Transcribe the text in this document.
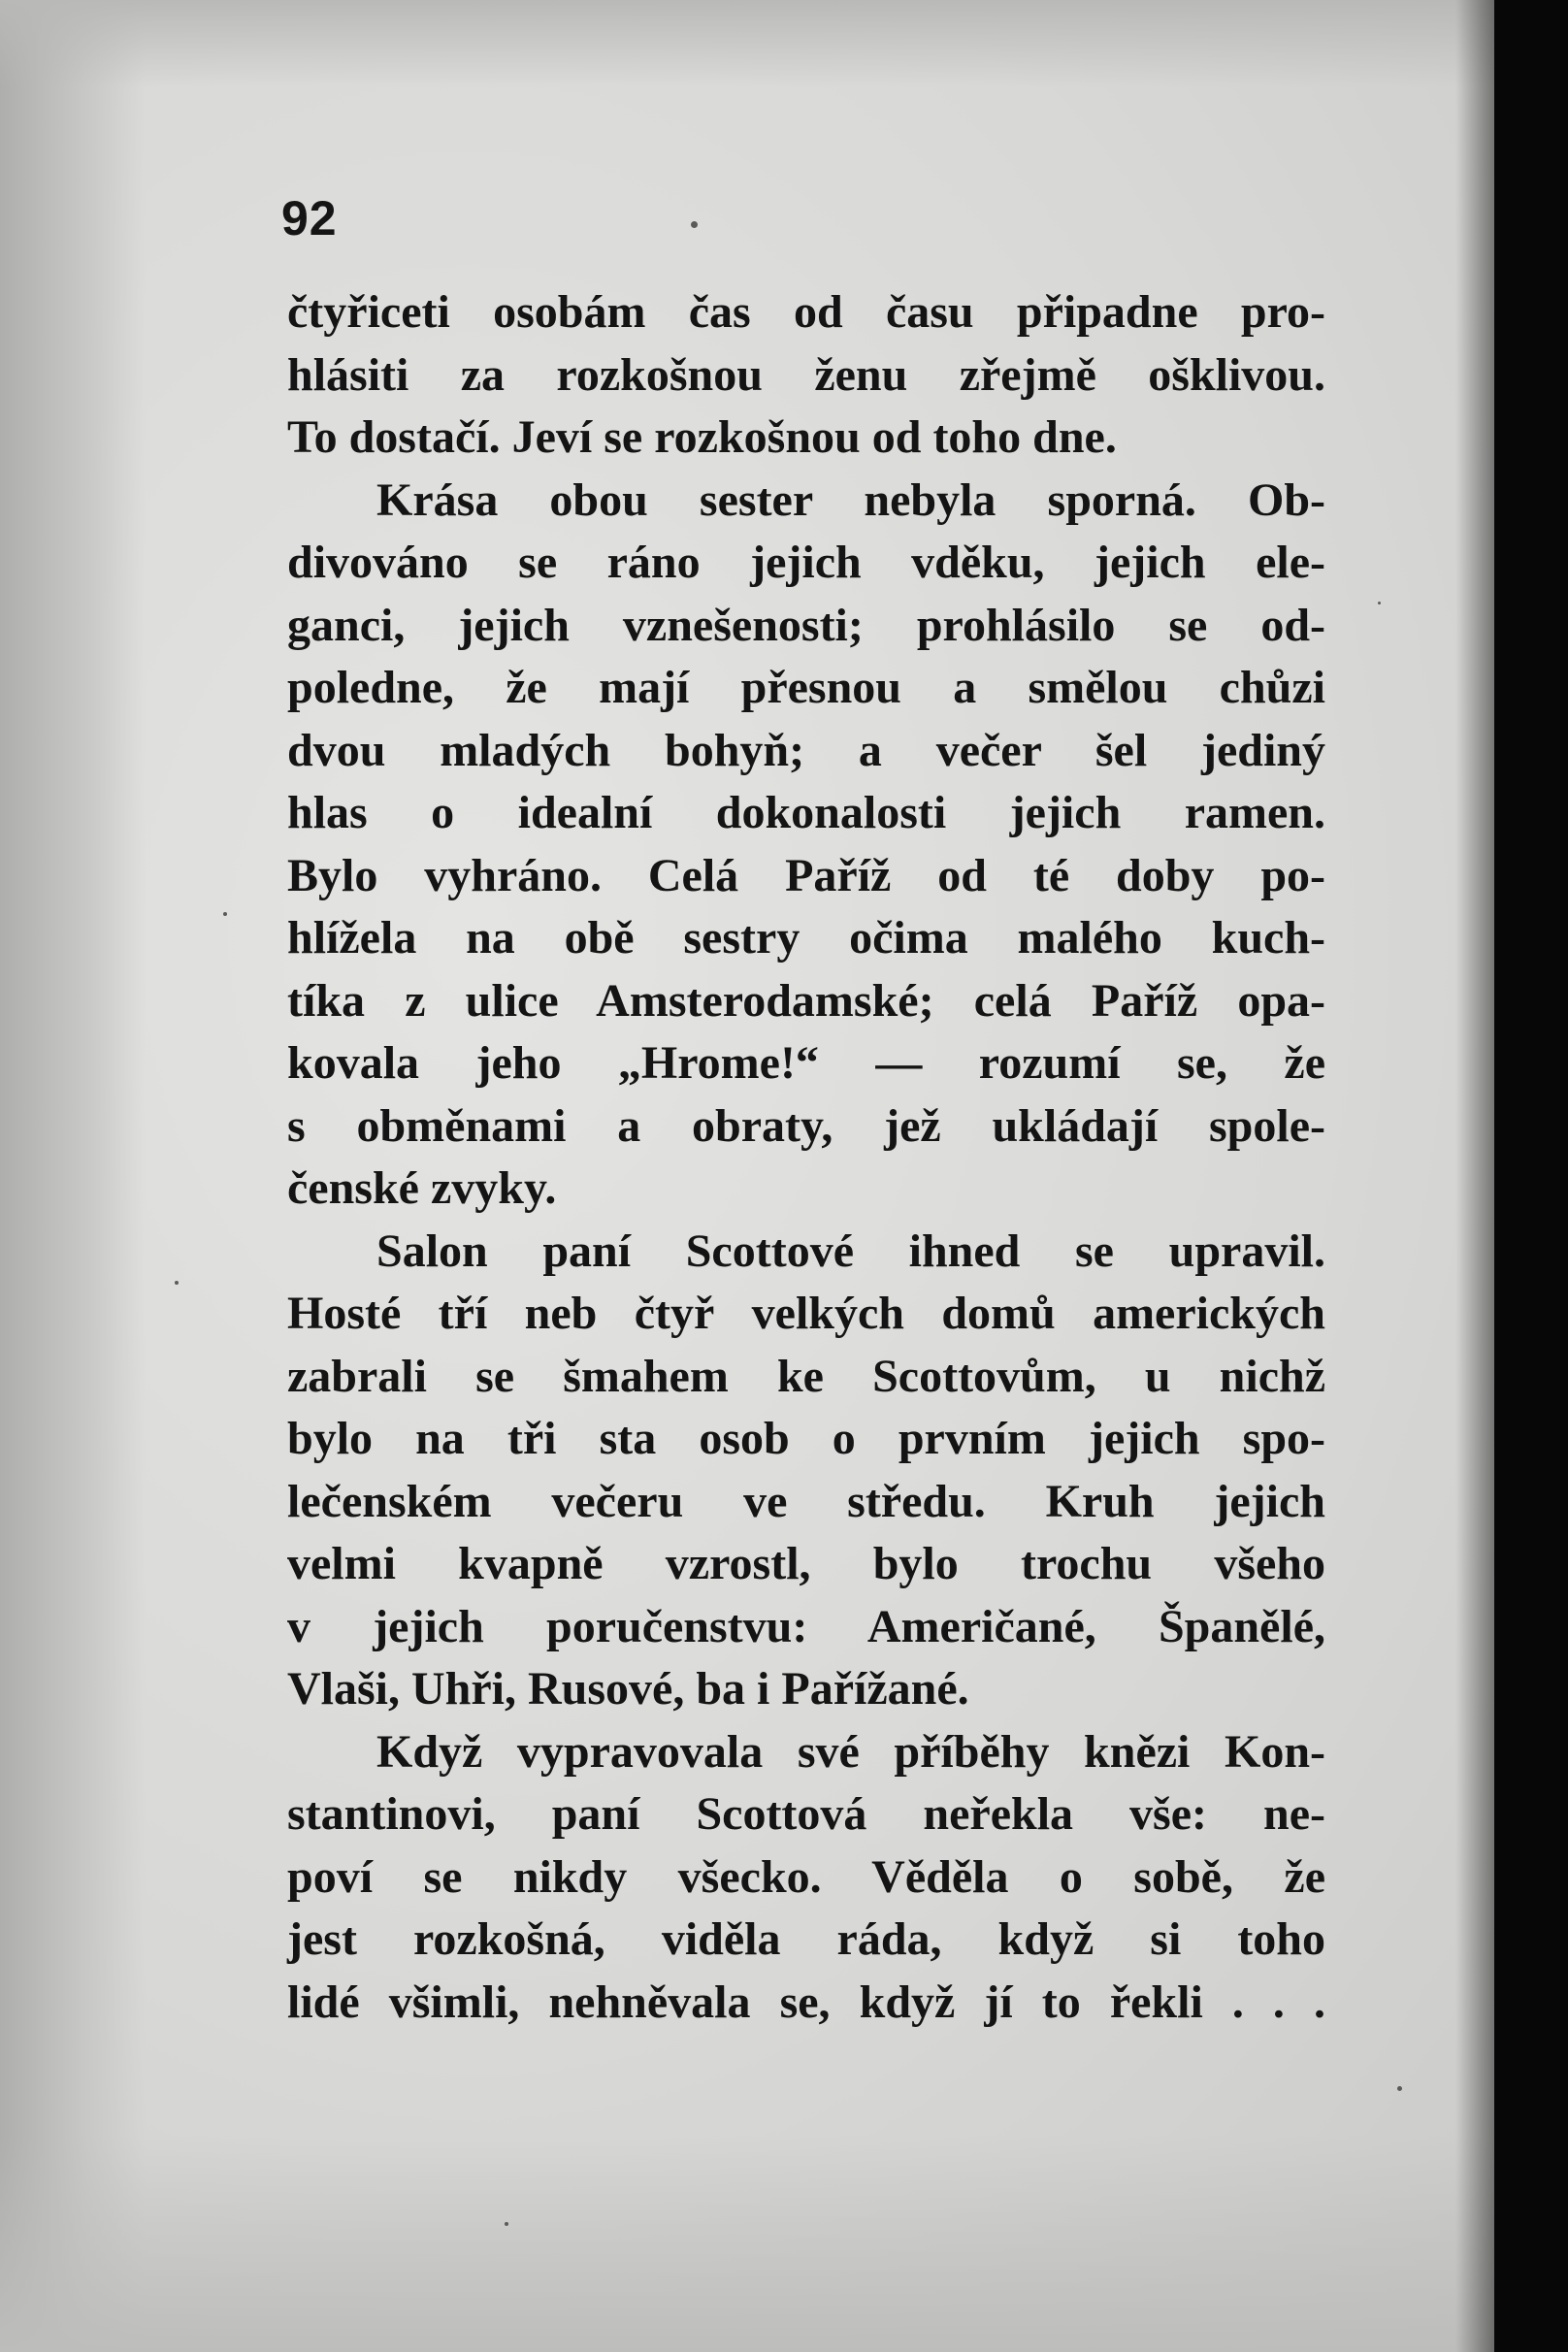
92
čtyřiceti osobám čas od času připadne pro-
hlásiti za rozkošnou ženu zřejmě ošklivou.
To dostačí. Jeví se rozkošnou od toho dne.
Krása obou sester nebyla sporná. Ob-
divováno se ráno jejich vděku, jejich ele-
ganci, jejich vznešenosti; prohlásilo se od-
poledne, že mají přesnou a smělou chůzi
dvou mladých bohyň; a večer šel jediný
hlas o idealní dokonalosti jejich ramen.
Bylo vyhráno. Celá Paříž od té doby po-
hlížela na obě sestry očima malého kuch-
tíka z ulice Amsterodamské; celá Paříž opa-
kovala jeho „Hrome!“ — rozumí se, že
s obměnami a obraty, jež ukládají spole-
čenské zvyky.
Salon paní Scottové ihned se upravil.
Hosté tří neb čtyř velkých domů amerických
zabrali se šmahem ke Scottovům, u nichž
bylo na tři sta osob o prvním jejich spo-
lečenském večeru ve středu. Kruh jejich
velmi kvapně vzrostl, bylo trochu všeho
v jejich poručenstvu: Američané, Španělé,
Vlaši, Uhři, Rusové, ba i Pařížané.
Když vypravovala své příběhy knězi Kon-
stantinovi, paní Scottová neřekla vše: ne-
poví se nikdy všecko. Věděla o sobě, že
jest rozkošná, viděla ráda, když si toho
lidé všimli, nehněvala se, když jí to řekli . . .
